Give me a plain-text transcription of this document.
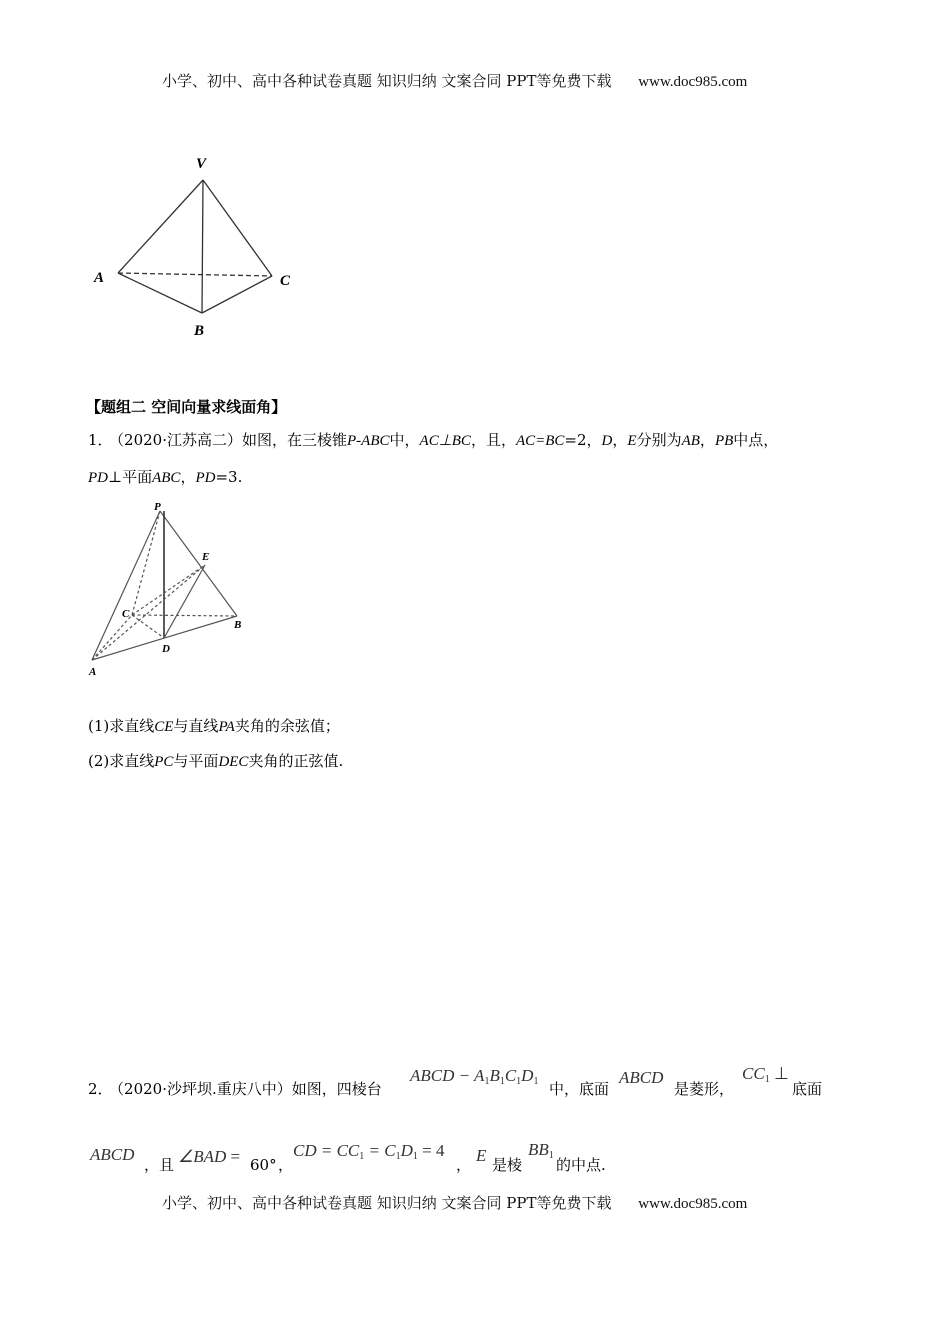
小学、初中、高中各种试卷真题 知识归纳 文案合同 PPT等免费下载 www.doc985.com
V
A	C
B
【题组二 空间向量求线面角】
1． （2020·江苏高二）如图，在三棱锥P-ABC中，AC⊥BC，且，AC=BC=2，D，E分别为AB，PB中点，
PD⊥平面ABC，PD=3.
P
E
C
B
D
A
(1)求直线CE与直线PA夹角的余弦值；
(2)求直线PC与平面DEC夹角的正弦值.
2． （2020·沙坪坝.重庆八中）如图，四棱台
ABCD − $A_1B_1C_1D_1$ 中，底面
ABCD
是菱形，
$CC_1$ ⊥
底面
ABCD
，且 ∠BAD = 60° ，
CD = $CC_1 = C_1D_1 = 4$
， E 是棱
$BB_1$
的中点.
小学、初中、高中各种试卷真题 知识归纳 文案合同 PPT等免费下载 www.doc985.com
